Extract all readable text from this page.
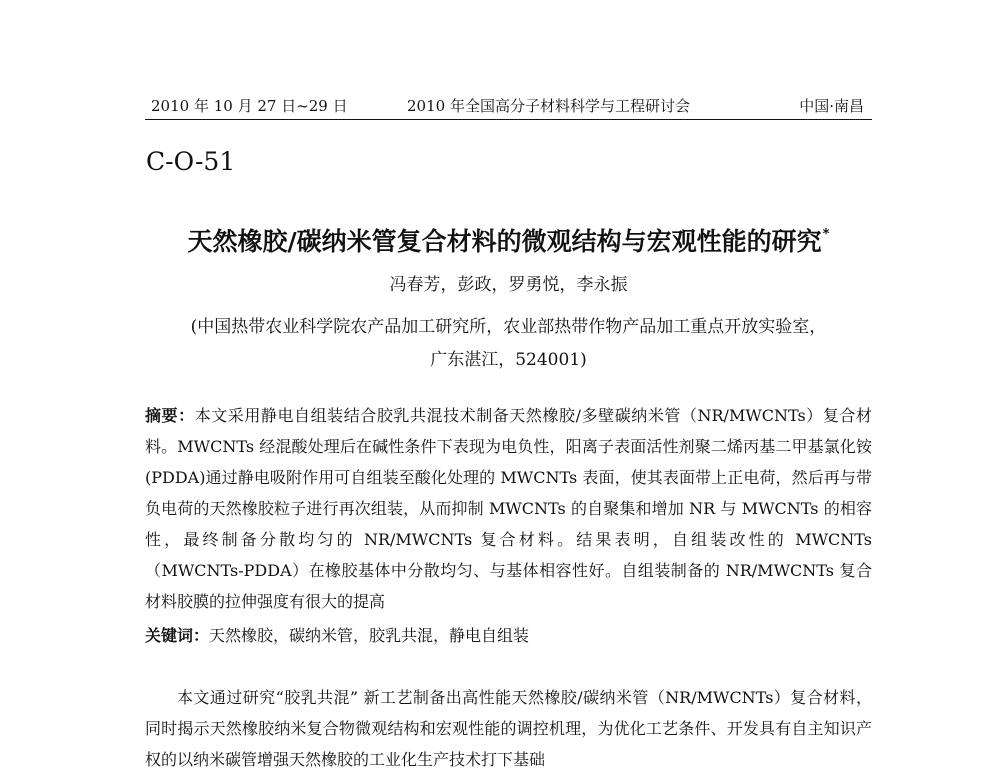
2010 年 10 月 27 日~29 日	2010 年全国高分子材料科学与工程研讨会	中国·南昌
C-O-51
天然橡胶/碳纳米管复合材料的微观结构与宏观性能的研究*
冯春芳，彭政，罗勇悦，李永振
(中国热带农业科学院农产品加工研究所，农业部热带作物产品加工重点开放实验室，
广东湛江，524001)
摘要：本文采用静电自组装结合胶乳共混技术制备天然橡胶/多壁碳纳米管（NR/MWCNTs）复合材料。MWCNTs 经混酸处理后在碱性条件下表现为电负性，阳离子表面活性剂聚二烯丙基二甲基氯化铵(PDDA)通过静电吸附作用可自组装至酸化处理的 MWCNTs 表面，使其表面带上正电荷，然后再与带负电荷的天然橡胶粒子进行再次组装，从而抑制 MWCNTs 的自聚集和增加 NR 与 MWCNTs 的相容性，最终制备分散均匀的 NR/MWCNTs 复合材料。结果表明，自组装改性的 MWCNTs（MWCNTs-PDDA）在橡胶基体中分散均匀、与基体相容性好。自组装制备的 NR/MWCNTs 复合材料胶膜的拉伸强度有很大的提高
关键词：天然橡胶，碳纳米管，胶乳共混，静电自组装
本文通过研究“胶乳共混” 新工艺制备出高性能天然橡胶/碳纳米管（NR/MWCNTs）复合材料，同时揭示天然橡胶纳米复合物微观结构和宏观性能的调控机理，为优化工艺条件、开发具有自主知识产权的以纳米碳管增强天然橡胶的工业化生产技术打下基础
